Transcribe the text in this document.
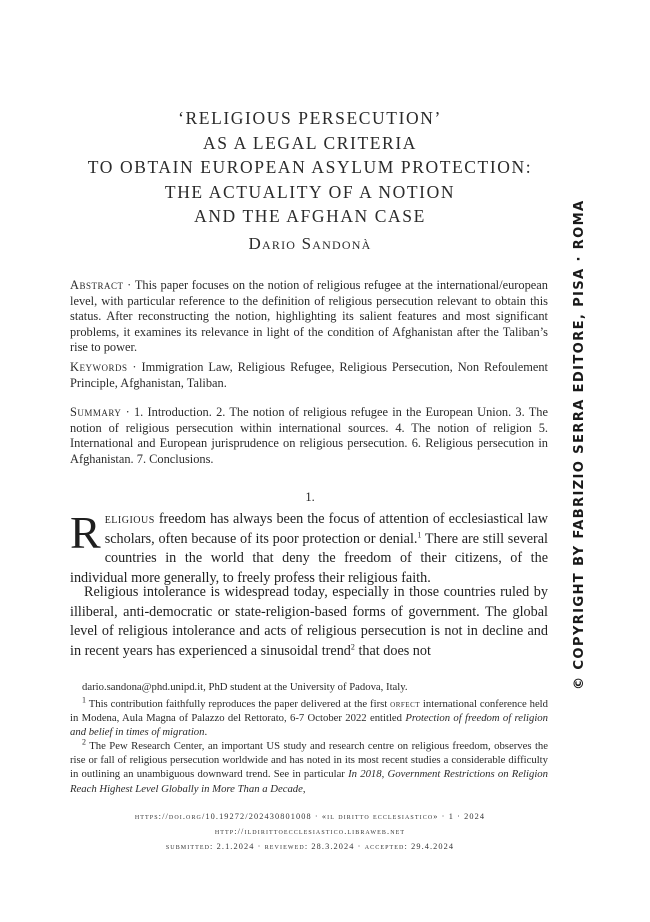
‘RELIGIOUS PERSECUTION’
AS A LEGAL CRITERIA
TO OBTAIN EUROPEAN ASYLUM PROTECTION:
THE ACTUALITY OF A NOTION
AND THE AFGHAN CASE
Dario Sandonà
Abstract · This paper focuses on the notion of religious refugee at the international/european level, with particular reference to the definition of religious persecution relevant to obtain this status. After reconstructing the notion, highlighting its salient features and most significant problems, it examines its relevance in light of the condition of Afghanistan after the Taliban’s rise to power.
Keywords · Immigration Law, Religious Refugee, Religious Persecution, Non Refoulement Principle, Afghanistan, Taliban.
Summary · 1. Introduction. 2. The notion of religious refugee in the European Union. 3. The notion of religious persecution within international sources. 4. The notion of religion 5. International and European jurisprudence on religious persecution. 6. Religious persecution in Afghanistan. 7. Conclusions.
1.
Religious freedom has always been the focus of attention of ecclesiastical law scholars, often because of its poor protection or denial.$^1$ There are still several countries in the world that deny the freedom of their citizens, of the individual more generally, to freely profess their religious faith.
Religious intolerance is widespread today, especially in those countries ruled by illiberal, anti-democratic or state-religion-based forms of government. The global level of religious intolerance and acts of religious persecution is not in decline and in recent years has experienced a sinusoidal trend$^2$ that does not
dario.sandona@phd.unipd.it, PhD student at the University of Padova, Italy.
$^1$ This contribution faithfully reproduces the paper delivered at the first orfect international conference held in Modena, Aula Magna of Palazzo del Rettorato, 6-7 October 2022 entitled Protection of freedom of religion and belief in times of migration.
$^2$ The Pew Research Center, an important US study and research centre on religious freedom, observes the rise or fall of religious persecution worldwide and has noted in its most recent studies a considerable difficulty in outlining an unambiguous downward trend. See in particular In 2018, Government Restrictions on Religion Reach Highest Level Globally in More Than a Decade,
https://doi.org/10.19272/202430801008 · «il diritto ecclesiastico» · 1 · 2024
http://ildirittoecclesiastico.libraweb.net
submitted: 2.1.2024 · reviewed: 28.3.2024 · accepted: 29.4.2024
© COPYRIGHT BY FABRIZIO SERRA EDITORE, PISA · ROMA
